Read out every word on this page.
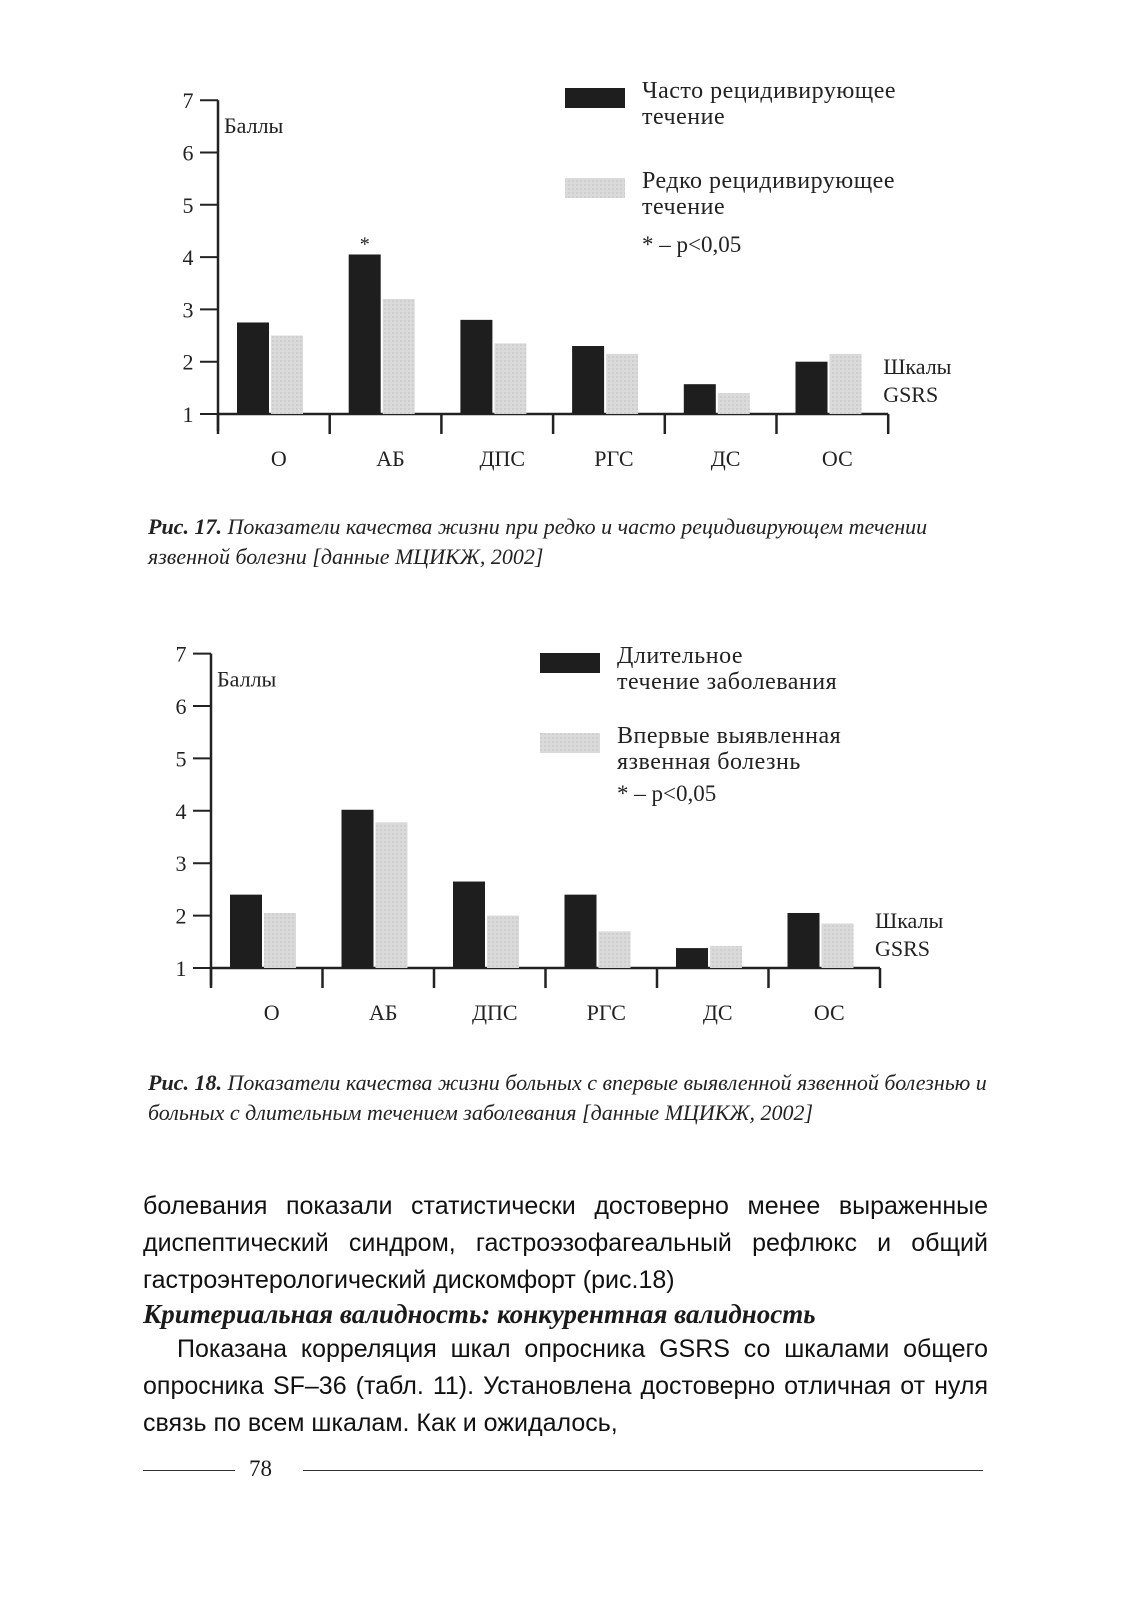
1
2
3
4
5
6
7
Баллы
О	АБ
*
ДПС	РГС	ДС	ОС
Шкалы
GSRS
Часто рецидивирующее
течение
Редко рецидивирующее
течение
* – p<0,05
Рис. 17. Показатели качества жизни при редко и часто рецидивирующем течении язвенной болезни [данные МЦИКЖ, 2002]
1
2
3
4
5
6
7
Баллы
О	АБ	ДПС	РГС	ДС	ОС
Шкалы
GSRS
Длительное
течение заболевания
Впервые выявленная
язвенная болезнь
* – p<0,05
Рис. 18. Показатели качества жизни больных с впервые выявленной язвенной болезнью и больных с длительным течением заболевания [данные МЦИКЖ, 2002]

болевания показали статистически достоверно менее выраженные диспептический синдром, гастроэзофагеальный рефлюкс и общий гастроэнтерологический дискомфорт (рис.18)

Критериальная валидность: конкурентная валидность

Показана корреляция шкал опросника GSRS со шкалами общего опросника SF–36 (табл. 11). Установлена достоверно отличная от нуля связь по всем шкалам. Как и ожидалось,

78
